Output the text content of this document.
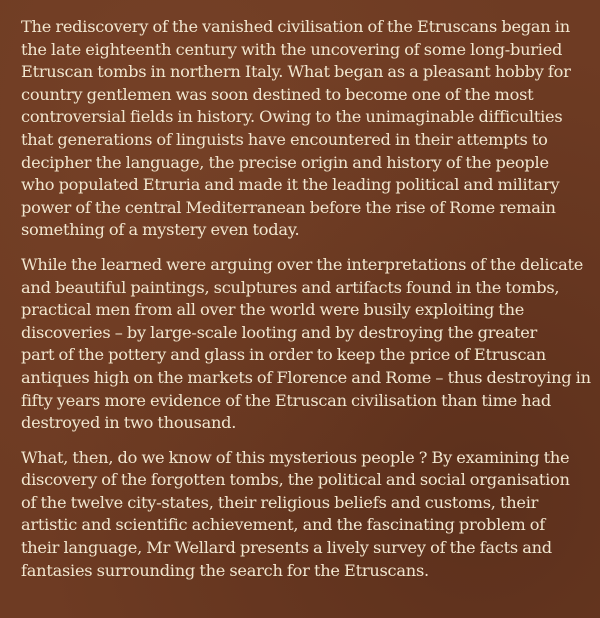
The rediscovery of the vanished civilisation of the Etruscans began in
the late eighteenth century with the uncovering of some long-buried
Etruscan tombs in northern Italy. What began as a pleasant hobby for
country gentlemen was soon destined to become one of the most
controversial fields in history. Owing to the unimaginable difficulties
that generations of linguists have encountered in their attempts to
decipher the language, the precise origin and history of the people
who populated Etruria and made it the leading political and military
power of the central Mediterranean before the rise of Rome remain
something of a mystery even today.

While the learned were arguing over the interpretations of the delicate
and beautiful paintings, sculptures and artifacts found in the tombs,
practical men from all over the world were busily exploiting the
discoveries – by large-scale looting and by destroying the greater
part of the pottery and glass in order to keep the price of Etruscan
antiques high on the markets of Florence and Rome – thus destroying in
fifty years more evidence of the Etruscan civilisation than time had
destroyed in two thousand.

What, then, do we know of this mysterious people ? By examining the
discovery of the forgotten tombs, the political and social organisation
of the twelve city-states, their religious beliefs and customs, their
artistic and scientific achievement, and the fascinating problem of
their language, Mr Wellard presents a lively survey of the facts and
fantasies surrounding the search for the Etruscans.
